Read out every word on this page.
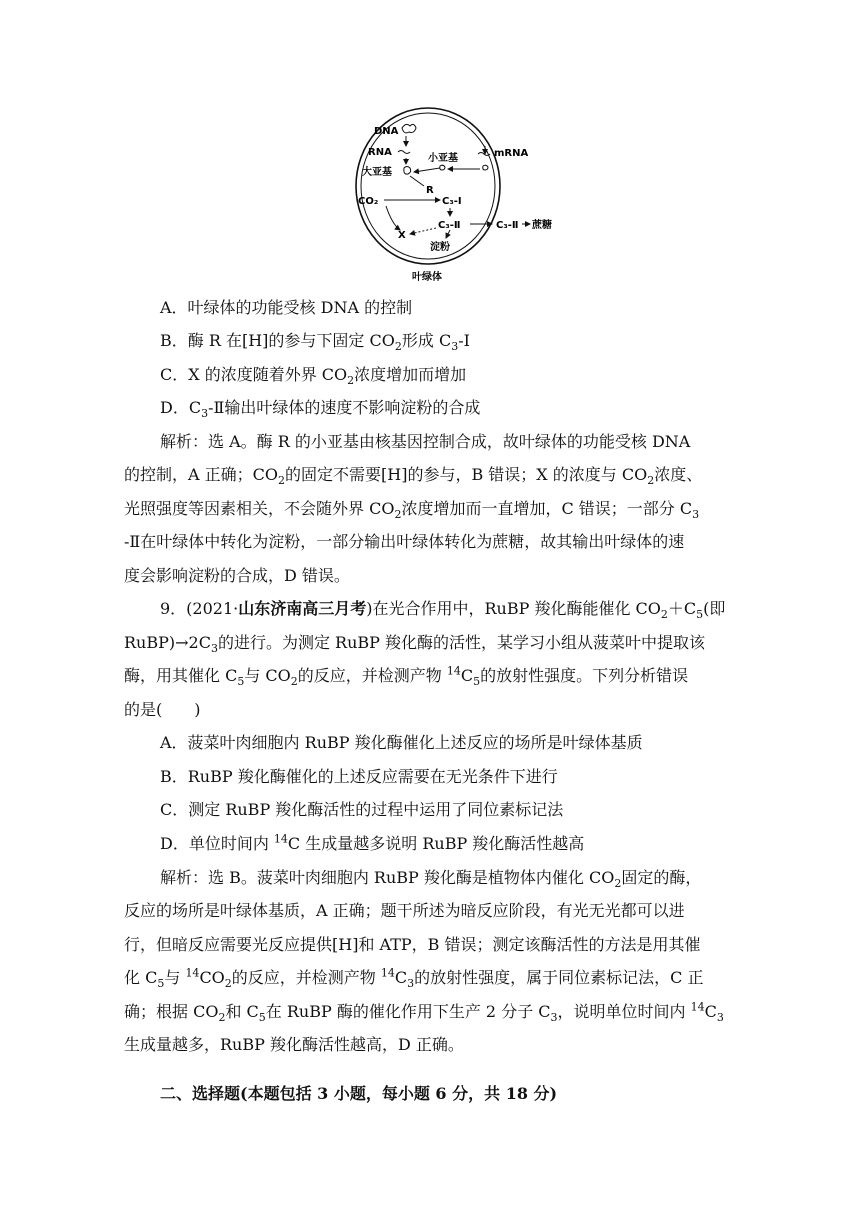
DNA
RNA
小亚基
大亚基
mRNA
R
CO₂	C₃-Ⅰ
C₃-Ⅱ	C₃-Ⅱ 蔗糖
X
淀粉
叶绿体
A．叶绿体的功能受核 DNA 的控制
B．酶 R 在[H]的参与下固定 $CO_2$形成 $C_3-Ⅰ$
C．X 的浓度随着外界 $CO_2$浓度增加而增加
D．$C_3-Ⅱ$输出叶绿体的速度不影响淀粉的合成
解析：选 A。酶 R 的小亚基由核基因控制合成，故叶绿体的功能受核 DNA
的控制，A 正确；$CO_2$的固定不需要[H]的参与，B 错误；X 的浓度与 $CO_2$浓度、
光照强度等因素相关，不会随外界 $CO_2$浓度增加而一直增加，C 错误；一部分 $C_3$
-Ⅱ在叶绿体中转化为淀粉，一部分输出叶绿体转化为蔗糖，故其输出叶绿体的速
度会影响淀粉的合成，D 错误。
9．(2021·山东济南高三月考)在光合作用中，RuBP 羧化酶能催化 $CO_2+C_5$(即
$RuBP)\to 2C_3$的进行。为测定 RuBP 羧化酶的活性，某学习小组从菠菜叶中提取该
酶，用其催化 $C_5$与 $CO_2$的反应，并检测产物 $^{14}C_5$的放射性强度。下列分析错误
的是(　　)
A．菠菜叶肉细胞内 RuBP 羧化酶催化上述反应的场所是叶绿体基质
B．RuBP 羧化酶催化的上述反应需要在无光条件下进行
C．测定 RuBP 羧化酶活性的过程中运用了同位素标记法
D．单位时间内 $^{14}$C 生成量越多说明 RuBP 羧化酶活性越高
解析：选 B。菠菜叶肉细胞内 RuBP 羧化酶是植物体内催化 $CO_2$固定的酶，
反应的场所是叶绿体基质，A 正确；题干所述为暗反应阶段，有光无光都可以进
行，但暗反应需要光反应提供[H]和 ATP，B 错误；测定该酶活性的方法是用其催
化 $C_5$与 $^{14}CO_2$的反应，并检测产物 $^{14}C_3$的放射性强度，属于同位素标记法，C 正
确；根据 $CO_2$和 $C_5$在 RuBP 酶的催化作用下生产 2 分子 $C_3$，说明单位时间内 $^{14}C_3$
生成量越多，RuBP 羧化酶活性越高，D 正确。
二、选择题(本题包括 3 小题，每小题 6 分，共 18 分)
